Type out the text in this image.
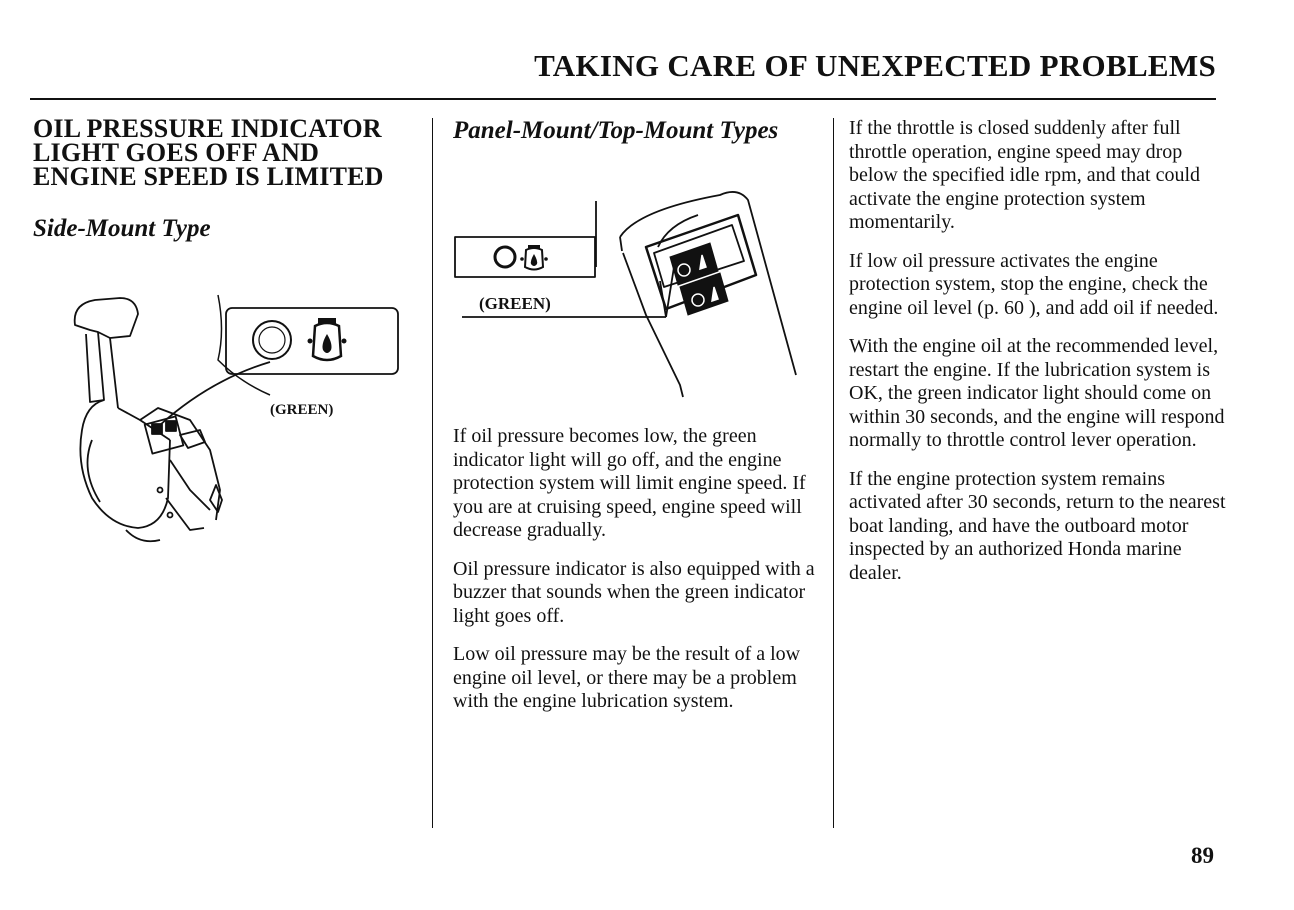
TAKING CARE OF UNEXPECTED PROBLEMS
OIL PRESSURE INDICATOR
LIGHT GOES OFF AND
ENGINE SPEED IS LIMITED
Side-Mount Type
(GREEN)
Panel-Mount/Top-Mount Types
(GREEN)

If oil pressure becomes low, the green indicator light will go off, and the engine protection system will limit engine speed. If you are at cruising speed, engine speed will decrease gradually.

Oil pressure indicator is also equipped with a buzzer that sounds when the green indicator light goes off.

Low oil pressure may be the result of a low engine oil level, or there may be a problem with the engine lubrication system.

If the throttle is closed suddenly after full throttle operation, engine speed may drop below the specified idle rpm, and that could activate the engine protection system momentarily.

If low oil pressure activates the engine protection system, stop the engine, check the engine oil level (p. 60 ), and add oil if needed.

With the engine oil at the recommended level, restart the engine. If the lubrication system is OK, the green indicator light should come on within 30 seconds, and the engine will respond normally to throttle control lever operation.

If the engine protection system remains activated after 30 seconds, return to the nearest boat landing, and have the outboard motor inspected by an authorized Honda marine dealer.

89
